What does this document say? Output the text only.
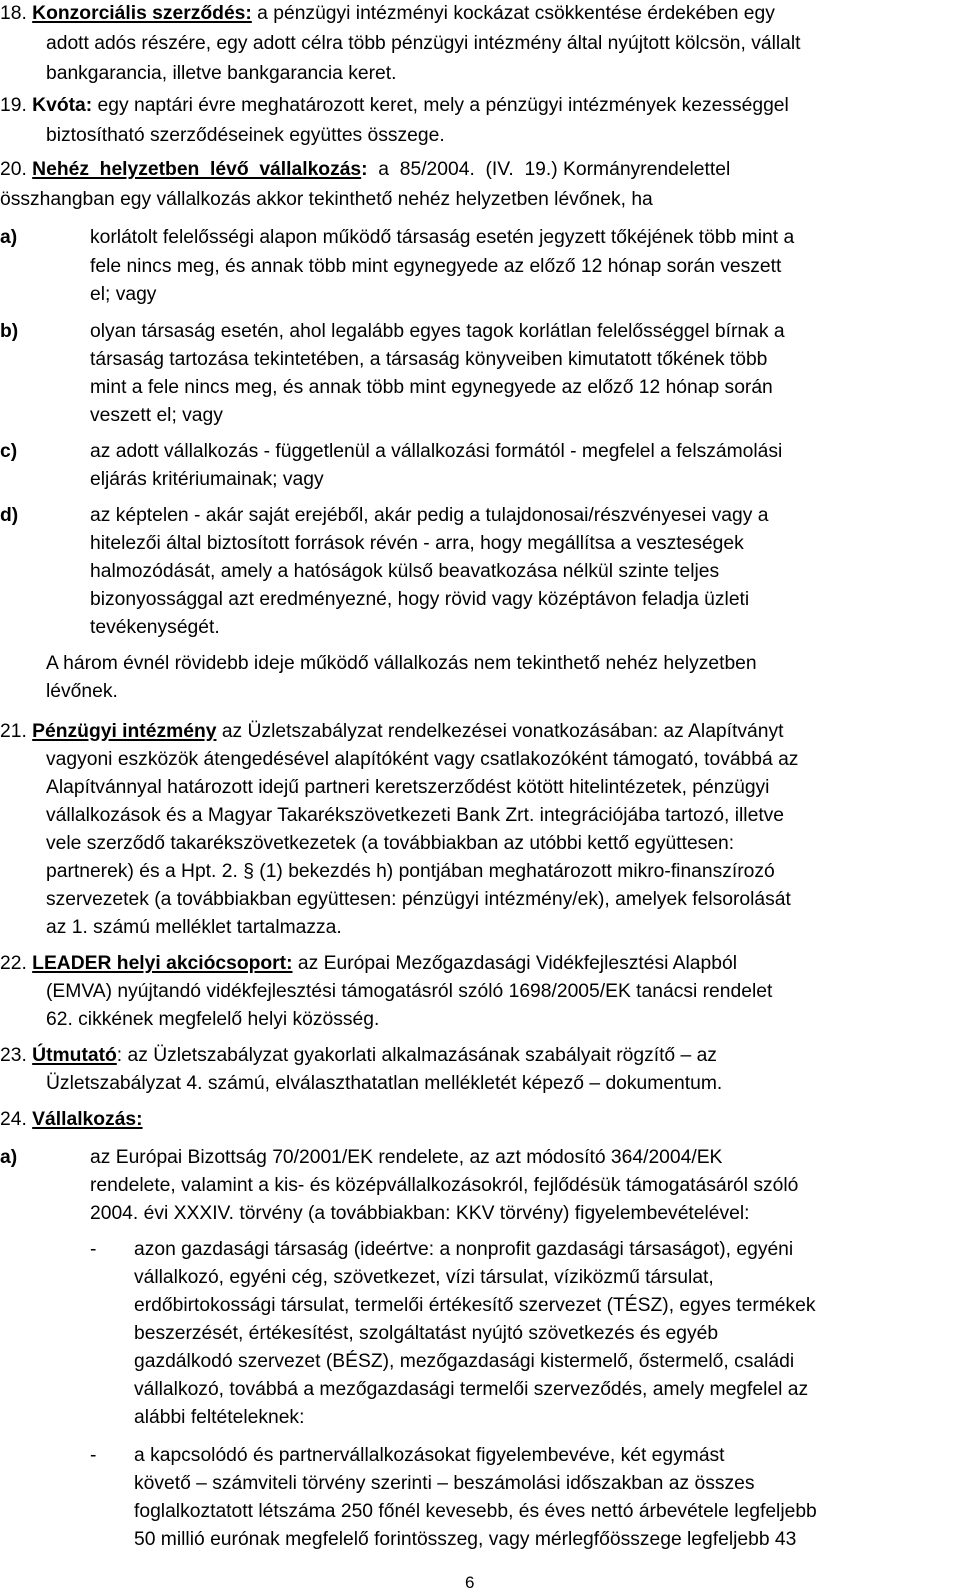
18. Konzorciális szerződés: a pénzügyi intézményi kockázat csökkentése érdekében egy
adott adós részére, egy adott célra több pénzügyi intézmény által nyújtott kölcsön, vállalt
bankgarancia, illetve bankgarancia keret.
19. Kvóta: egy naptári évre meghatározott keret, mely a pénzügyi intézmények kezességgel
biztosítható szerződéseinek együttes összege.
20. Nehéz  helyzetben  lévő  vállalkozás:  a  85/2004.  (IV.  19.) Kormányrendelettel
összhangban egy vállalkozás akkor tekinthető nehéz helyzetben lévőnek, ha
a)	korlátolt felelősségi alapon működő társaság esetén jegyzett tőkéjének több mint a
fele nincs meg, és annak több mint egynegyede az előző 12 hónap során veszett
el; vagy
b)	olyan társaság esetén, ahol legalább egyes tagok korlátlan felelősséggel bírnak a
társaság tartozása tekintetében, a társaság könyveiben kimutatott tőkének több
mint a fele nincs meg, és annak több mint egynegyede az előző 12 hónap során
veszett el; vagy
c)	az adott vállalkozás - függetlenül a vállalkozási formától - megfelel a felszámolási
eljárás kritériumainak; vagy
d)	az képtelen - akár saját erejéből, akár pedig a tulajdonosai/részvényesei vagy a
hitelezői által biztosított források révén - arra, hogy megállítsa a veszteségek
halmozódását, amely a hatóságok külső beavatkozása nélkül szinte teljes
bizonyossággal azt eredményezné, hogy rövid vagy középtávon feladja üzleti
tevékenységét.
A három évnél rövidebb ideje működő vállalkozás nem tekinthető nehéz helyzetben
lévőnek.
21. Pénzügyi intézmény az Üzletszabályzat rendelkezései vonatkozásában: az Alapítványt
vagyoni eszközök átengedésével alapítóként vagy csatlakozóként támogató, továbbá az
Alapítvánnyal határozott idejű partneri keretszerződést kötött hitelintézetek, pénzügyi
vállalkozások és a Magyar Takarékszövetkezeti Bank Zrt. integrációjába tartozó, illetve
vele szerződő takarékszövetkezetek (a továbbiakban az utóbbi kettő együttesen:
partnerek) és a Hpt. 2. § (1) bekezdés h) pontjában meghatározott mikro-finanszírozó
szervezetek (a továbbiakban együttesen: pénzügyi intézmény/ek), amelyek felsorolását
az 1. számú melléklet tartalmazza.
22. LEADER helyi akciócsoport: az Európai Mezőgazdasági Vidékfejlesztési Alapból
(EMVA) nyújtandó vidékfejlesztési támogatásról szóló 1698/2005/EK tanácsi rendelet
62. cikkének megfelelő helyi közösség.
23. Útmutató: az Üzletszabályzat gyakorlati alkalmazásának szabályait rögzítő – az
Üzletszabályzat 4. számú, elválaszthatatlan mellékletét képező – dokumentum.
24. Vállalkozás:
a)	az Európai Bizottság 70/2001/EK rendelete, az azt módosító 364/2004/EK
rendelete, valamint a kis- és középvállalkozásokról, fejlődésük támogatásáról szóló
2004. évi XXXIV. törvény (a továbbiakban: KKV törvény) figyelembevételével:
- azon gazdasági társaság (ideértve: a nonprofit gazdasági társaságot), egyéni
vállalkozó, egyéni cég, szövetkezet, vízi társulat, víziközmű társulat,
erdőbirtokossági társulat, termelői értékesítő szervezet (TÉSZ), egyes termékek
beszerzését, értékesítést, szolgáltatást nyújtó szövetkezés és egyéb
gazdálkodó szervezet (BÉSZ), mezőgazdasági kistermelő, őstermelő, családi
vállalkozó, továbbá a mezőgazdasági termelői szerveződés, amely megfelel az
alábbi feltételeknek:
- a kapcsolódó és partnervállalkozásokat figyelembevéve, két egymást
követő – számviteli törvény szerinti – beszámolási időszakban az összes
foglalkoztatott létszáma 250 főnél kevesebb, és éves nettó árbevétele legfeljebb
50 millió eurónak megfelelő forintösszeg, vagy mérlegfőösszege legfeljebb 43
6
